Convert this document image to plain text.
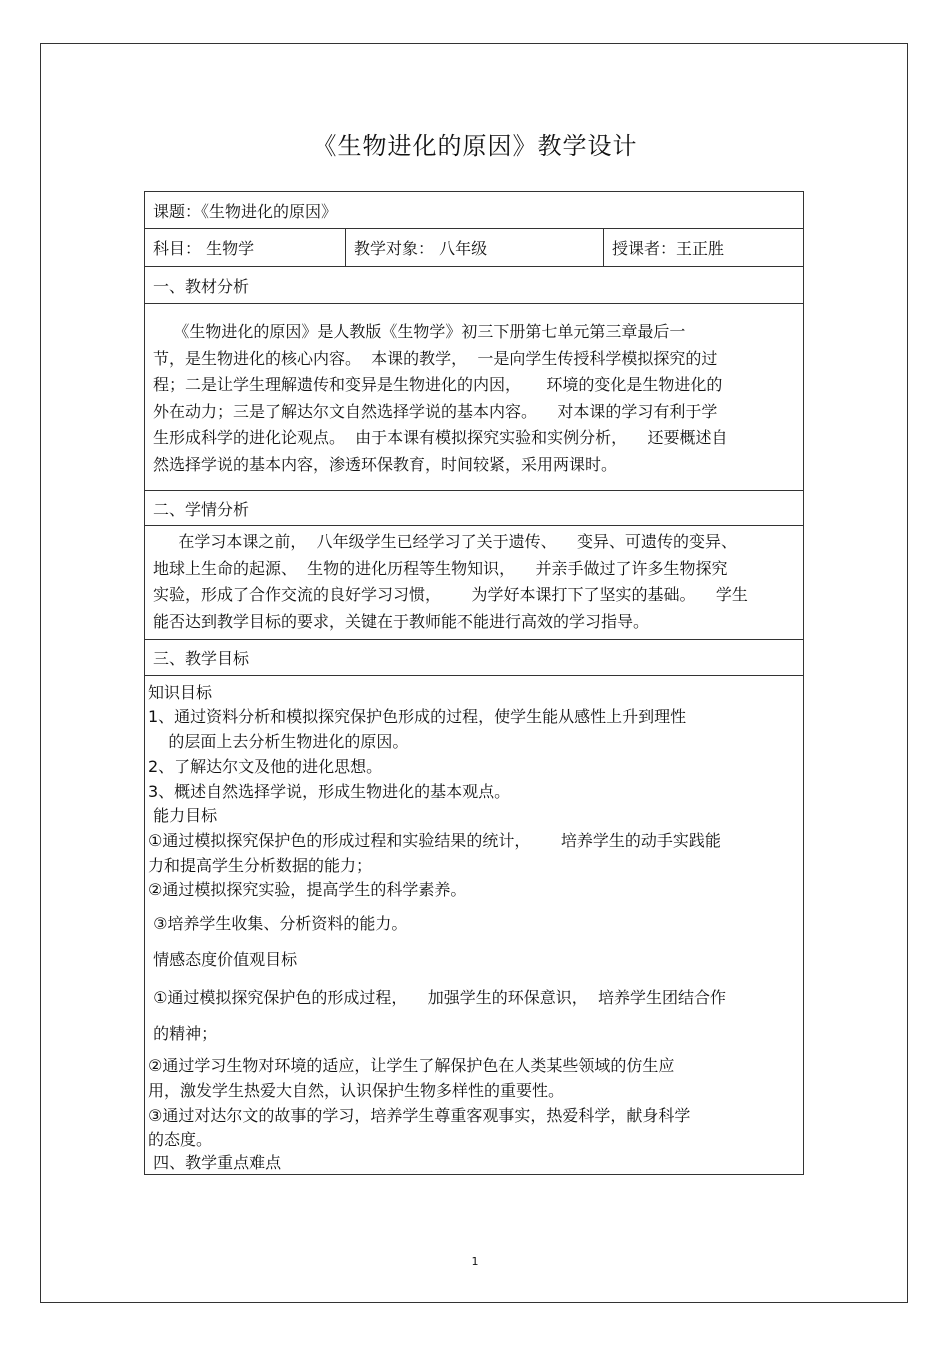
《生物进化的原因》教学设计
课题：《生物进化的原因》
科目： 生物学	教学对象： 八年级	授课者：王正胜
一、教材分析
《生物进化的原因》是人教版《生物学》初三下册第七单元第三章最后一
节，是生物进化的核心内容。  本课的教学，  一是向学生传授科学模拟探究的过
程；二是让学生理解遗传和变异是生物进化的内因，     环境的变化是生物进化的
外在动力；三是了解达尔文自然选择学说的基本内容。    对本课的学习有利于学
生形成科学的进化论观点。  由于本课有模拟探究实验和实例分析，    还要概述自
然选择学说的基本内容，渗透环保教育，时间较紧，采用两课时。
二、学情分析
在学习本课之前，  八年级学生已经学习了关于遗传、    变异、可遗传的变异、
地球上生命的起源、  生物的进化历程等生物知识，    并亲手做过了许多生物探究
实验，形成了合作交流的良好学习习惯，      为学好本课打下了坚实的基础。    学生
能否达到教学目标的要求，关键在于教师能不能进行高效的学习指导。
三、教学目标
知识目标
1、通过资料分析和模拟探究保护色形成的过程，使学生能从感性上升到理性
的层面上去分析生物进化的原因。
2、了解达尔文及他的进化思想。
3、概述自然选择学说，形成生物进化的基本观点。
能力目标
①通过模拟探究保护色的形成过程和实验结果的统计，      培养学生的动手实践能
力和提高学生分析数据的能力；
②通过模拟探究实验，提高学生的科学素养。
③培养学生收集、分析资料的能力。
情感态度价值观目标
①通过模拟探究保护色的形成过程，    加强学生的环保意识，  培养学生团结合作
的精神；
②通过学习生物对环境的适应，让学生了解保护色在人类某些领域的仿生应
用，激发学生热爱大自然，认识保护生物多样性的重要性。
③通过对达尔文的故事的学习，培养学生尊重客观事实，热爱科学，献身科学
的态度。
四、教学重点难点
1
